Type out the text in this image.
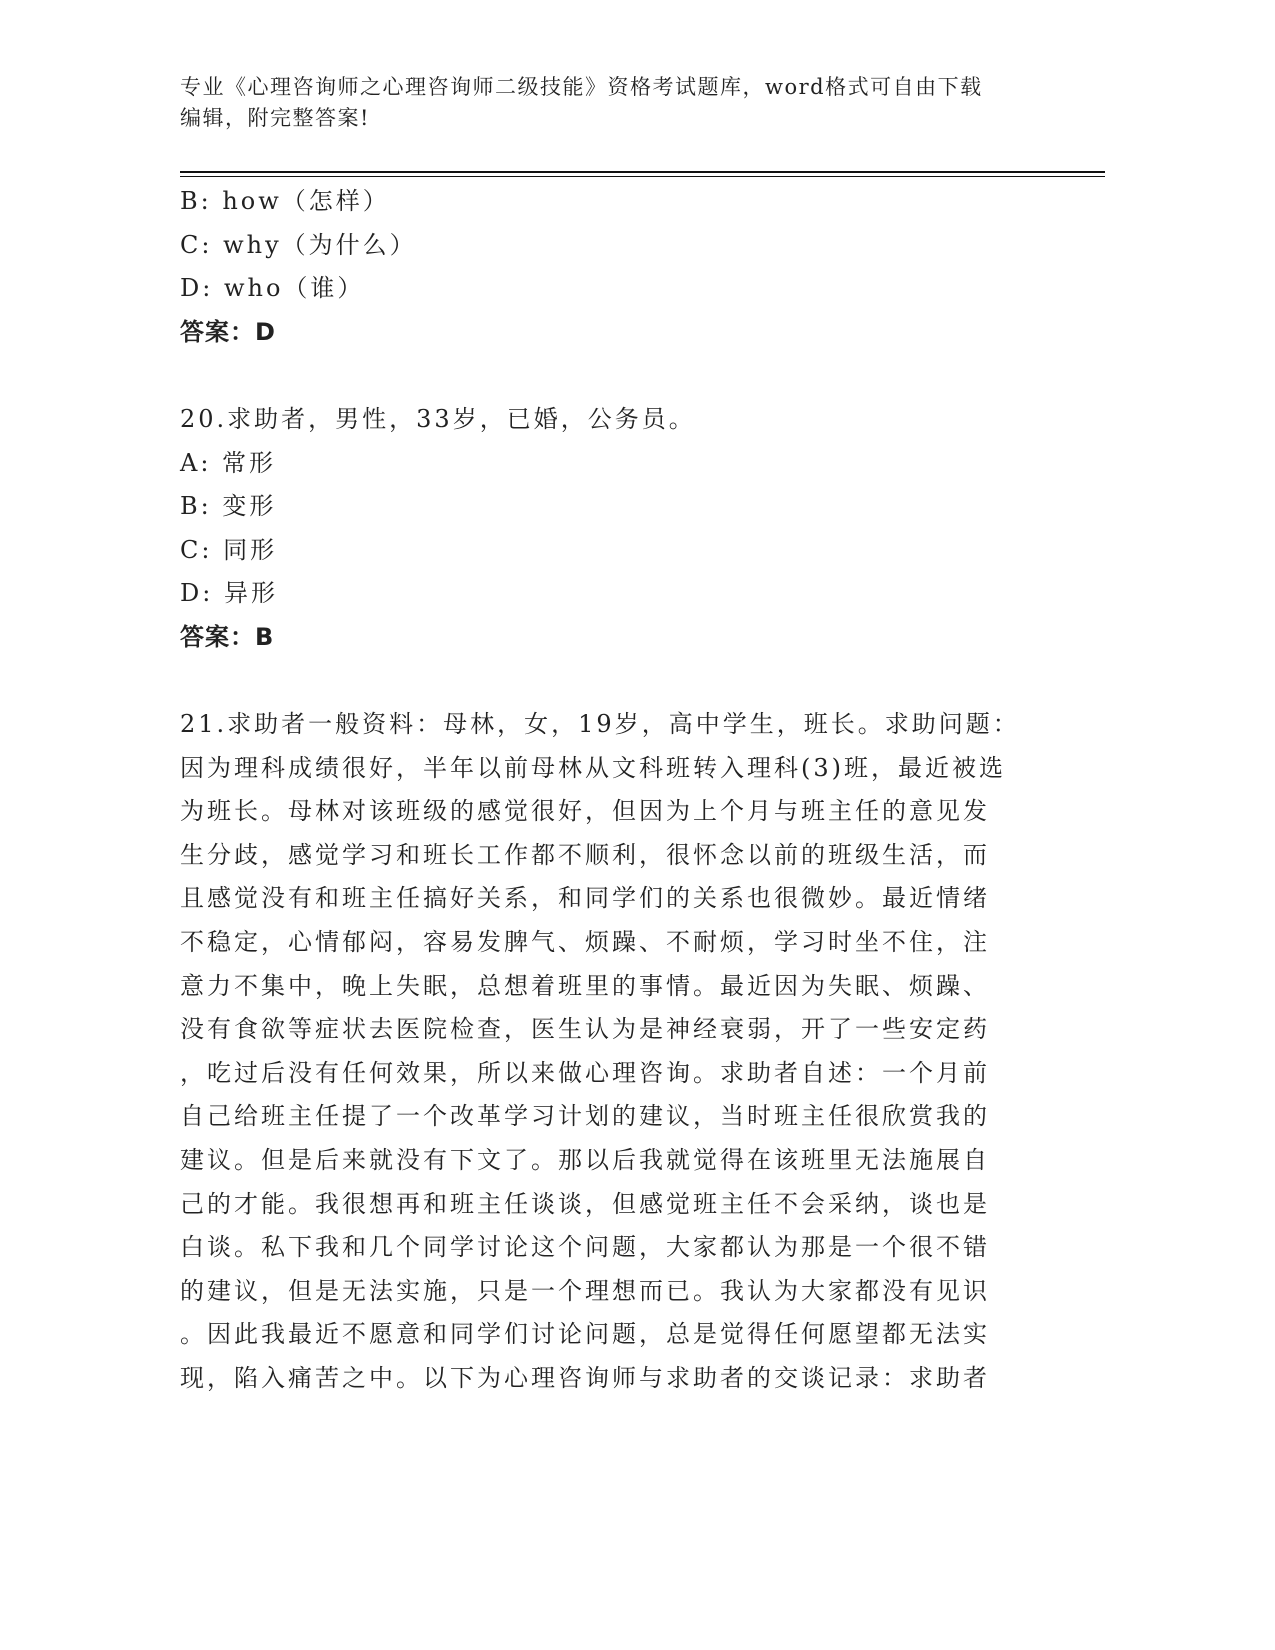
专业《心理咨询师之心理咨询师二级技能》资格考试题库，word格式可自由下载
编辑，附完整答案!
B: how（怎样）
C: why（为什么）
D: who（谁）
答案：D
20.求助者，男性，33岁，已婚，公务员。
A: 常形
B: 变形
C: 同形
D: 异形
答案：B
21.求助者一般资料：母林，女，19岁，高中学生，班长。求助问题：
因为理科成绩很好，半年以前母林从文科班转入理科(3)班，最近被选
为班长。母林对该班级的感觉很好，但因为上个月与班主任的意见发
生分歧，感觉学习和班长工作都不顺利，很怀念以前的班级生活，而
且感觉没有和班主任搞好关系，和同学们的关系也很微妙。最近情绪
不稳定，心情郁闷，容易发脾气、烦躁、不耐烦，学习时坐不住，注
意力不集中，晚上失眠，总想着班里的事情。最近因为失眠、烦躁、
没有食欲等症状去医院检查，医生认为是神经衰弱，开了一些安定药
，吃过后没有任何效果，所以来做心理咨询。求助者自述：一个月前
自己给班主任提了一个改革学习计划的建议，当时班主任很欣赏我的
建议。但是后来就没有下文了。那以后我就觉得在该班里无法施展自
己的才能。我很想再和班主任谈谈，但感觉班主任不会采纳，谈也是
白谈。私下我和几个同学讨论这个问题，大家都认为那是一个很不错
的建议，但是无法实施，只是一个理想而已。我认为大家都没有见识
。因此我最近不愿意和同学们讨论问题，总是觉得任何愿望都无法实
现，陷入痛苦之中。以下为心理咨询师与求助者的交谈记录：求助者
